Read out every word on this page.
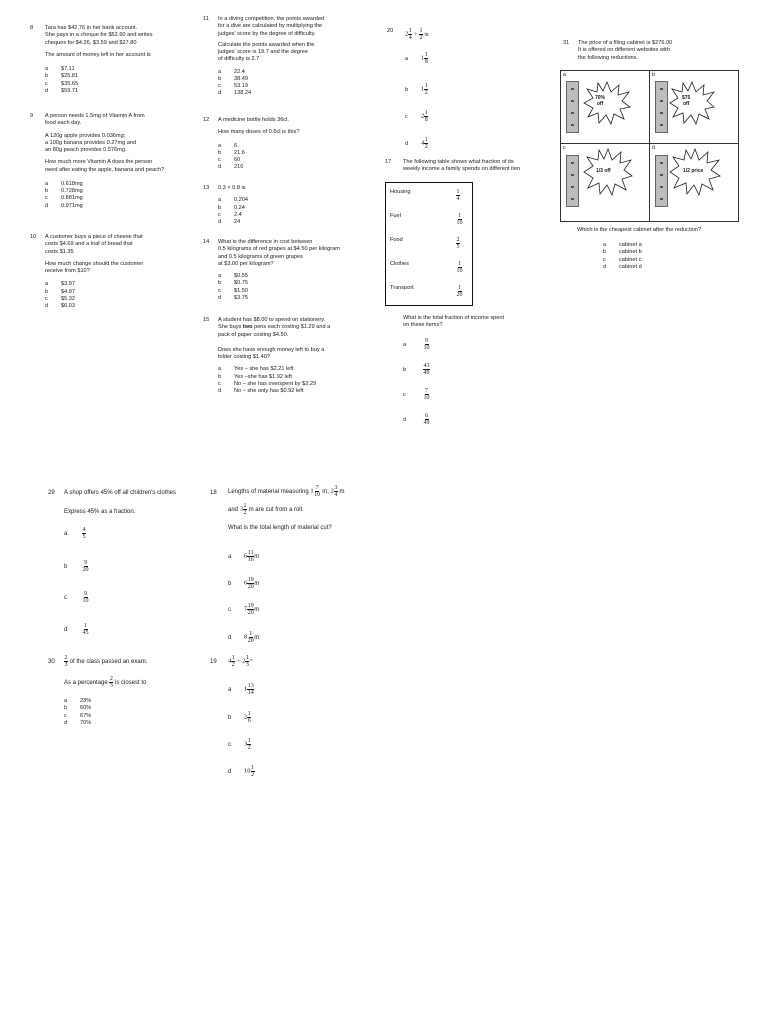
8 Tara has $42.76 in her bank account.
She pays in a cheque for $52.60 and writes
cheques for $4.26, $3.59 and $27.80

The amount of money left in her account is

a	$7.11
b	$25.81
c	$35.65
d	$59.71
9 A person needs 1.5mg of Vitamin A from
food each day.

A 120g apple provides 0.036mg;
a 100g banana provides 0.27mg and
an 80g peach provides 0.576mg.

How much more Vitamin A does the person
need after eating the apple, banana and peach?

a	0.618mg
b	0.728mg
c	0.881mg
d	0.971mg
10 A customer buys a piece of cheese that
costs $4.69 and a loaf of bread that
costs $1.35

How much change should the customer
receive from $10?

a	$3.97
b	$4.97
c	$5.32
d	$6.03
11 In a diving competition, the points awarded
for a dive are calculated by multiplying the
judges' score by the degree of difficulty.

Calculate the points awarded when the
judges' score is 19.7 and the degree
of difficulty is 2.7

a	22.4
b	38.49
c	53.19
d	138.24
12 A medicine bottle holds 36cl.

How many doses of 0.6cl is this?

a	6
b	21.6
c	60
d	216
13 0.3 × 0.8 is

a	0.204
b	0.24
c	2.4
d	24
14 What is the difference in cost between
0.5 kilograms of red grapes at $4.50 per kilogram
and 0.5 kilograms of green grapes
at $3.00 per kilogram?

a	$0.55
b	$0.75
c	$1.50
d	$3.75
15 A student has $8.00 to spend on stationery.
She buys two pens each costing $1.29 and a
pack of paper costing $4.50.

Does she have enough money left to buy a
folder costing $1.40?

a	Yes – she has $2.21 left
b	Yes –she has $1.92 left
c	No – she has overspent by $2.29
d	No – she only has $0.92 left
20 $2 \frac{1}{4} \div \frac{1}{2}$ is
a $1 \frac{1}{8}$
b $1 \frac{1}{2}$
c $2 \frac{1}{8}$
d $4 \frac{1}{2}$
17 The following table shows what fraction of its
weekly income a family spends on different iten

Housing	$\frac{1}{4}$
Fuel	$\frac{1}{10}$
Food	$\frac{2}{5}$
Clothes	$\frac{1}{10}$
Transport	$\frac{1}{20}$

What is the total fraction of income spent
on these items?

a	$\frac{9}{10}$
b	$\frac{43}{49}$
c	$\frac{7}{10}$
d	$\frac{6}{49}$
31 The price of a filing cabinet is $276.00
It is offered on different websites with
the following reductions.

a
70%
off
b
$75
off
c
1/3 off
d
1/2 price

Which is the cheapest cabinet after the reduction?

a	cabinet a
b	cabinet b
c	cabinet c
d	cabinet d
29 A shop offers 45% off all children's clothes

Express 45% as a fraction.

a $\frac{4}{5}$
b $\frac{9}{20}$
c	$\frac{9}{10}$
d $\frac{1}{45}$
$30 \frac{2}{3}$ of the class passed an exam.
As a percentage $\frac{2}{3}$ is closest to
a	23%
b	60%
c	67%
d	70%
18 Lengths of material measuring $1 \frac{7}{10} m$, $2 \frac{3}{4}$ m
and $3 \frac{1}{2}$ m are cut from a roll.

What is the total length of material cut?

a $6 \frac{11}{16}$ m
b $6 \frac{19}{20}$ m
c $7 \frac{19}{20}$ m
d $8 \frac{1}{20}$ m
19 $4 \frac{1}{2} \div 2 \frac{1}{3}$ =
a $1 \frac{13}{14}$
b $2 \frac{1}{6}$
c $3 \frac{1}{2}$
d $10 \frac{1}{2}$
